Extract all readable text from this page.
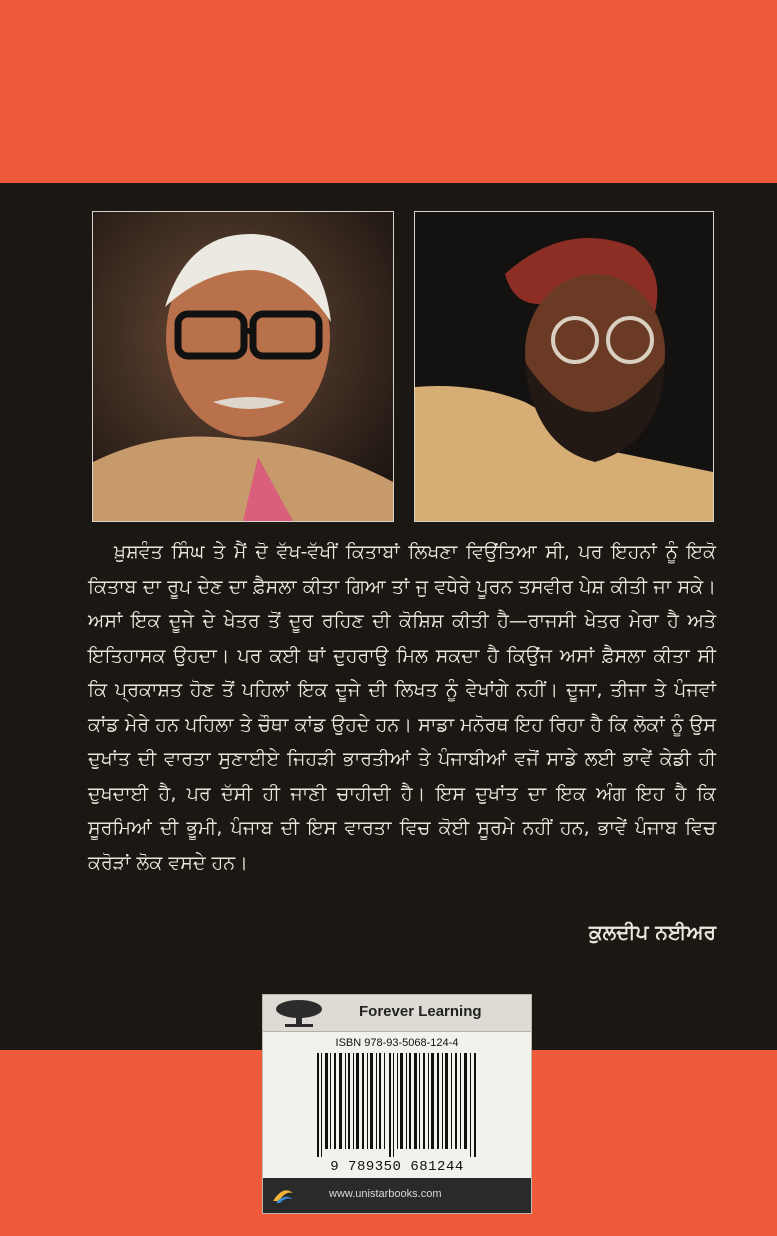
ਖ਼ੁਸ਼ਵੰਤ ਸਿੰਘ ਤੇ ਮੈਂ ਦੋ ਵੱਖ-ਵੱਖੀਂ ਕਿਤਾਬਾਂ ਲਿਖਣਾ ਵਿਉਂਤਿਆ ਸੀ, ਪਰ ਇਹਨਾਂ ਨੂੰ ਇਕੋ ਕਿਤਾਬ ਦਾ ਰੂਪ ਦੇਣ ਦਾ ਫ਼ੈਸਲਾ ਕੀਤਾ ਗਿਆ ਤਾਂ ਜੁ ਵਧੇਰੇ ਪੂਰਨ ਤਸਵੀਰ ਪੇਸ਼ ਕੀਤੀ ਜਾ ਸਕੇ। ਅਸਾਂ ਇਕ ਦੂਜੇ ਦੇ ਖੇਤਰ ਤੋਂ ਦੂਰ ਰਹਿਣ ਦੀ ਕੋਸ਼ਿਸ਼ ਕੀਤੀ ਹੈ—ਰਾਜਸੀ ਖੇਤਰ ਮੇਰਾ ਹੈ ਅਤੇ ਇਤਿਹਾਸਕ ਉਹਦਾ। ਪਰ ਕਈ ਥਾਂ ਦੁਹਰਾਉ ਮਿਲ ਸਕਦਾ ਹੈ ਕਿਉਂਜ ਅਸਾਂ ਫ਼ੈਸਲਾ ਕੀਤਾ ਸੀ ਕਿ ਪ੍ਰਕਾਸ਼ਤ ਹੋਣ ਤੋਂ ਪਹਿਲਾਂ ਇਕ ਦੂਜੇ ਦੀ ਲਿਖਤ ਨੂੰ ਵੇਖਾਂਗੇ ਨਹੀਂ। ਦੂਜਾ, ਤੀਜਾ ਤੇ ਪੰਜਵਾਂ ਕਾਂਡ ਮੇਰੇ ਹਨ ਪਹਿਲਾ ਤੇ ਚੌਥਾ ਕਾਂਡ ਉਹਦੇ ਹਨ। ਸਾਡਾ ਮਨੋਰਥ ਇਹ ਰਿਹਾ ਹੈ ਕਿ ਲੋਕਾਂ ਨੂੰ ਉਸ ਦੁਖਾਂਤ ਦੀ ਵਾਰਤਾ ਸੁਣਾਈਏ ਜਿਹੜੀ ਭਾਰਤੀਆਂ ਤੇ ਪੰਜਾਬੀਆਂ ਵਜੋਂ ਸਾਡੇ ਲਈ ਭਾਵੇਂ ਕੇਡੀ ਹੀ ਦੁਖਦਾਈ ਹੈ, ਪਰ ਦੱਸੀ ਹੀ ਜਾਣੀ ਚਾਹੀਦੀ ਹੈ। ਇਸ ਦੁਖਾਂਤ ਦਾ ਇਕ ਅੰਗ ਇਹ ਹੈ ਕਿ ਸੂਰਮਿਆਂ ਦੀ ਭੂਮੀ, ਪੰਜਾਬ ਦੀ ਇਸ ਵਾਰਤਾ ਵਿਚ ਕੋਈ ਸੂਰਮੇ ਨਹੀਂ ਹਨ, ਭਾਵੇਂ ਪੰਜਾਬ ਵਿਚ ਕਰੋੜਾਂ ਲੋਕ ਵਸਦੇ ਹਨ।

ਕੁਲਦੀਪ ਨਈਅਰ
Forever Learning
ISBN 978-93-5068-124-4
9 789350 681244
www.unistarbooks.com
